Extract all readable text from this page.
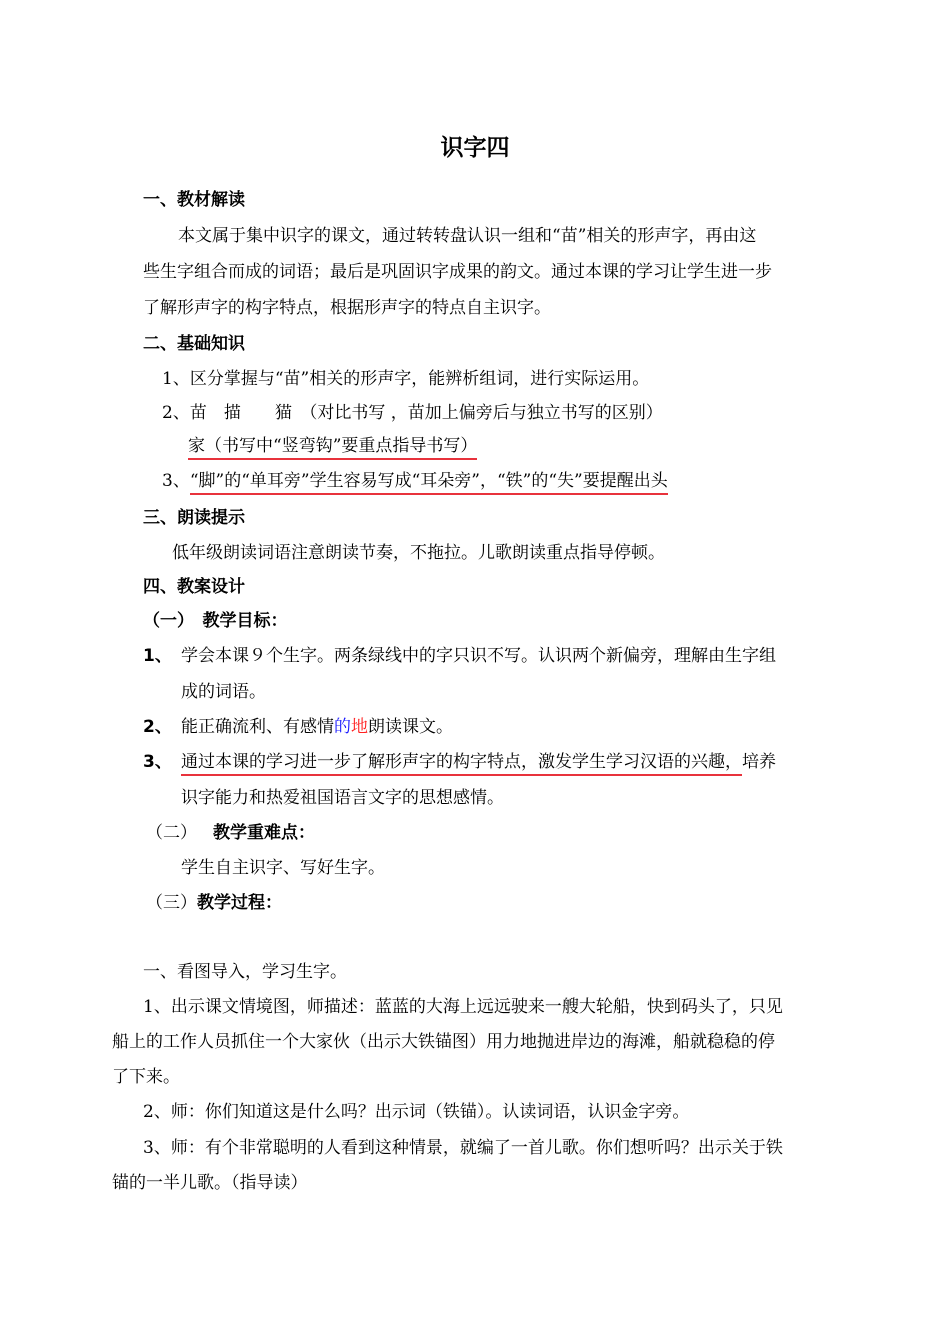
识字四
一、教材解读
本文属于集中识字的课文，通过转转盘认识一组和“苗”相关的形声字，再由这
些生字组合而成的词语；最后是巩固识字成果的韵文。通过本课的学习让学生进一步
了解形声字的构字特点，根据形声字的特点自主识字。
二、基础知识
1、区分掌握与“苗”相关的形声字，能辨析组词，进行实际运用。
2、苗　描　　猫　（对比书写 ，苗加上偏旁后与独立书写的区别）
家（书写中“竖弯钩”要重点指导书写）
3、“脚”的“单耳旁”学生容易写成“耳朵旁”，“铁”的“失”要提醒出头
三、朗读提示
低年级朗读词语注意朗读节奏，不拖拉。儿歌朗读重点指导停顿。
四、教案设计
（一）　教学目标：
1、 学会本课９个生字。两条绿线中的字只识不写。认识两个新偏旁，理解由生字组
成的词语。
2、 能正确流利、有感情的地朗读课文。
3、 通过本课的学习进一步了解形声字的构字特点，激发学生学习汉语的兴趣，培养
识字能力和热爱祖国语言文字的思想感情。
（二） 教学重难点：
学生自主识字、写好生字。
（三）教学过程：
一、看图导入，学习生字。
1、出示课文情境图，师描述：蓝蓝的大海上远远驶来一艘大轮船，快到码头了，只见
船上的工作人员抓住一个大家伙（出示大铁锚图）用力地抛进岸边的海滩，船就稳稳的停
了下来。
2、师：你们知道这是什么吗？出示词（铁锚）。认读词语，认识金字旁。
3、师：有个非常聪明的人看到这种情景，就编了一首儿歌。你们想听吗？出示关于铁
锚的一半儿歌。（指导读）
